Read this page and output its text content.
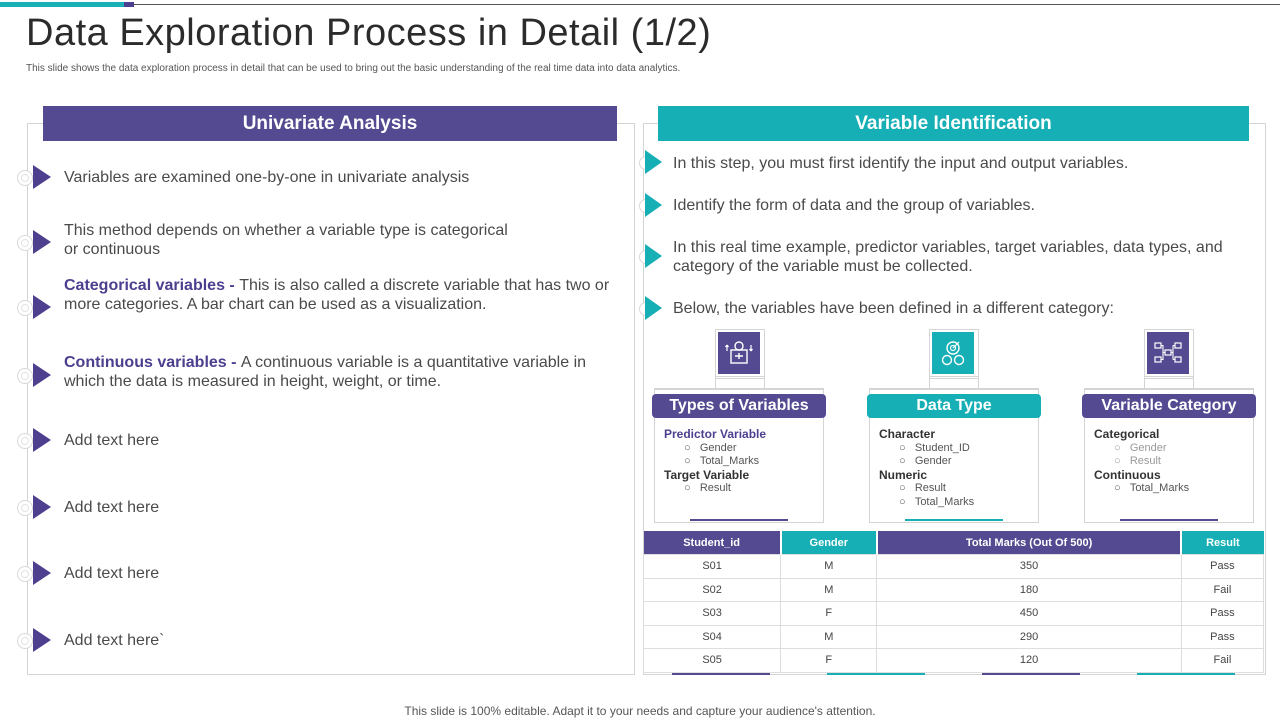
Data Exploration Process in Detail (1/2)
This slide shows the data exploration process in detail that can be used to bring out the basic understanding of the real time data into data analytics.
Univariate Analysis	Variable Identification
Variables are examined one-by-one in univariate analysis
This method depends on whether a variable type is categorical or continuous
Categorical variables - This is also called a discrete variable that has two or more categories. A bar chart can be used as a visualization.
Continuous variables - A continuous variable is a quantitative variable in which the data is measured in height, weight, or time.
Add text here
Add text here
Add text here
Add text here`
In this step, you must first identify the input and output variables.
Identify the form of data and the group of variables.
In this real time example, predictor variables, target variables, data types, and category of the variable must be collected.
Below, the variables have been defined in a different category:
Types of Variables
Predictor Variable
○   Gender
○   Total_Marks
Target Variable
○   Result
Data Type
Character
○   Student_ID
○   Gender
Numeric
○   Result
○   Total_Marks
Variable Category
Categorical
○   Gender
○   Result
Continuous
○   Total_Marks
Student_id	Gender	Total Marks (Out Of 500)	Result
S01	M	350	Pass
S02	M	180	Fail
S03	F	450	Pass
S04	M	290	Pass
S05	F	120	Fail
This slide is 100% editable. Adapt it to your needs and capture your audience's attention.
